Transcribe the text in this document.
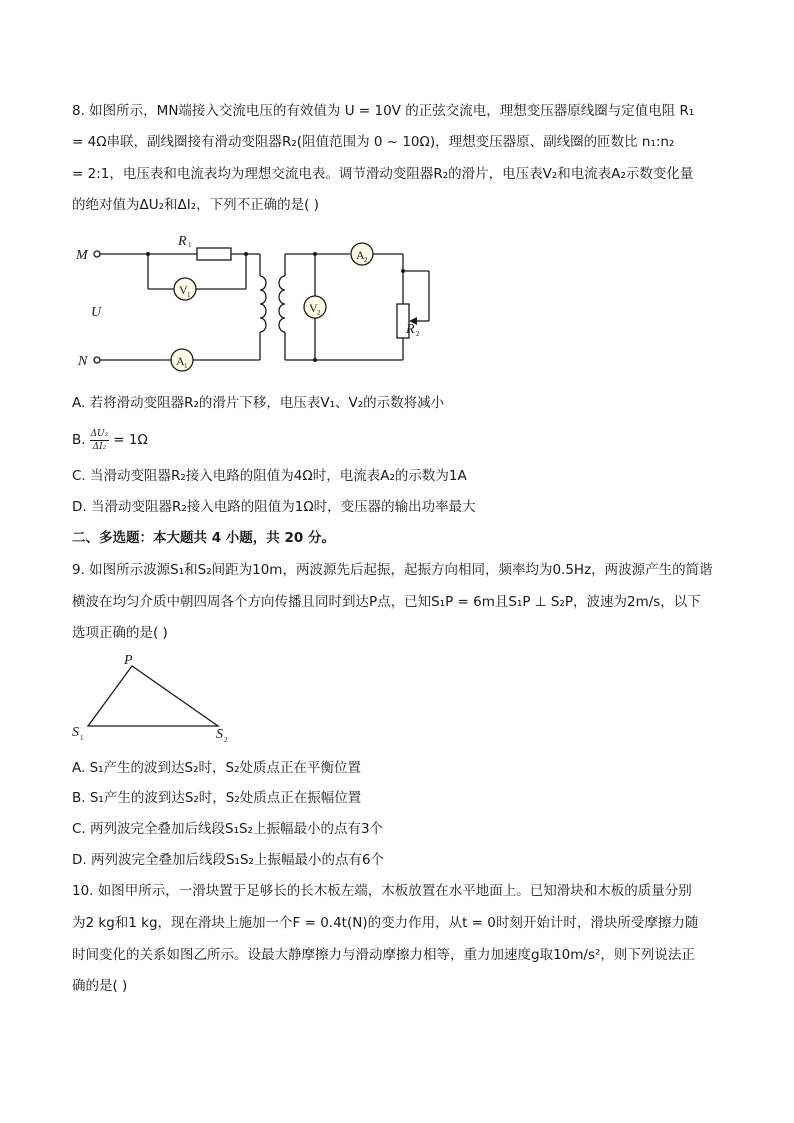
8. 如图所示，MN端接入交流电压的有效值为 U = 10V 的正弦交流电，理想变压器原线圈与定值电阻 R₁
= 4Ω串联，副线圈接有滑动变阻器R₂(阻值范围为 0 ~ 10Ω)，理想变压器原、副线圈的匝数比 n₁:n₂
= 2:1，电压表和电流表均为理想交流电表。调节滑动变阻器R₂的滑片，电压表V₂和电流表A₂示数变化量
的绝对值为ΔU₂和ΔI₂，下列不正确的是( )
M
N
U
R
R
1
2
V
V
A
A
1
2
1
2
A. 若将滑动变阻器R₂的滑片下移，电压表V₁、V₂的示数将减小
B. $\frac{\text{ΔU₂}}{\text{ΔI₂}} = 1\Omega$
C. 当滑动变阻器R₂接入电路的阻值为4Ω时，电流表A₂的示数为1A
D. 当滑动变阻器R₂接入电路的阻值为1Ω时，变压器的输出功率最大
二、多选题：本大题共 4 小题，共 20 分。
9. 如图所示波源S₁和S₂间距为10m，两波源先后起振，起振方向相同，频率均为0.5Hz，两波源产生的简谐
横波在均匀介质中朝四周各个方向传播且同时到达P点，已知S₁P = 6m且S₁P ⊥ S₂P，波速为2m/s，以下
选项正确的是( )
P
S 1	S 2
A. S₁产生的波到达S₂时，S₂处质点正在平衡位置
B. S₁产生的波到达S₂时，S₂处质点正在振幅位置
C. 两列波完全叠加后线段S₁S₂上振幅最小的点有3个
D. 两列波完全叠加后线段S₁S₂上振幅最小的点有6个
10. 如图甲所示，一滑块置于足够长的长木板左端，木板放置在水平地面上。已知滑块和木板的质量分别
为2 kg和1 kg，现在滑块上施加一个F = 0.4t(N)的变力作用，从t = 0时刻开始计时，滑块所受摩擦力随
时间变化的关系如图乙所示。设最大静摩擦力与滑动摩擦力相等，重力加速度g取10m/s²，则下列说法正
确的是( )
